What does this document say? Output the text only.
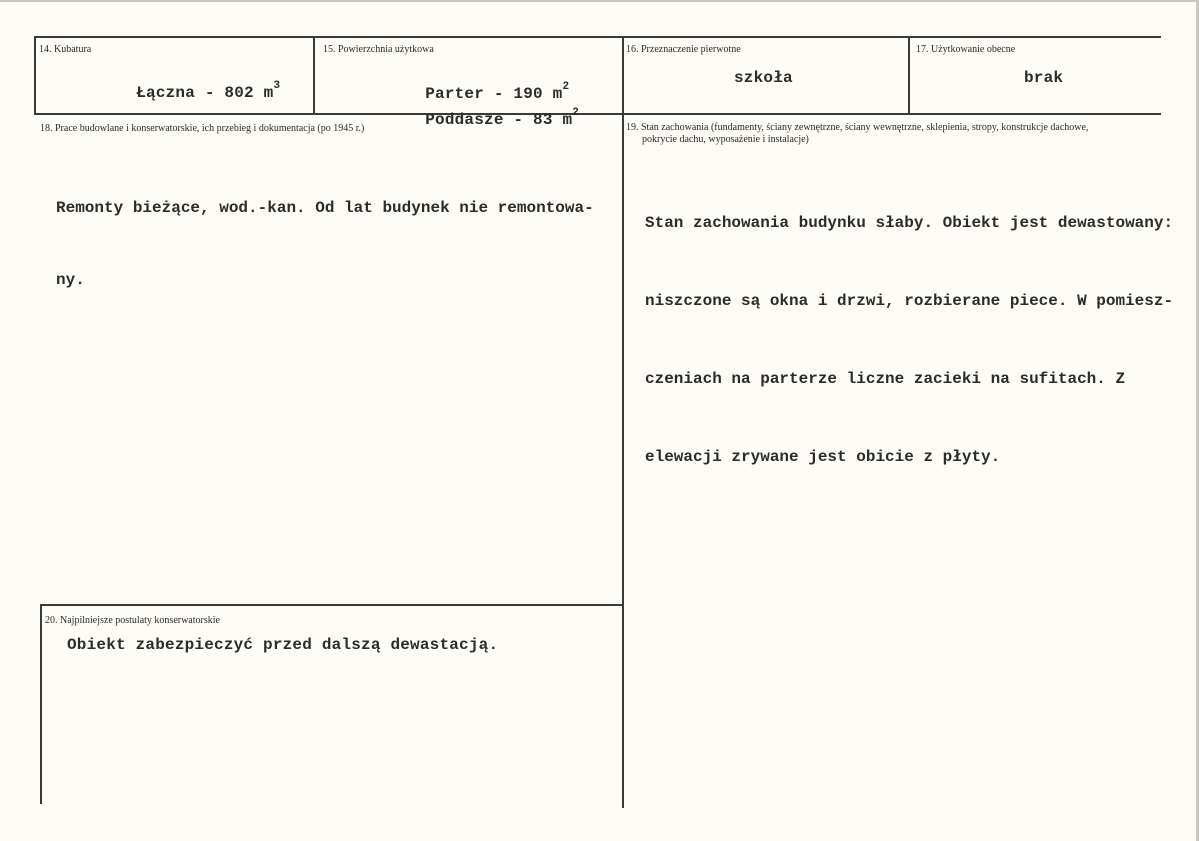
14. Kubatura

Łączna - 802 $m^3$

15. Powierzchnia użytkowa

Parter - 190 $m^2$

Poddasze - 83 $m^2$

16. Przeznaczenie pierwotne
szkoła
17. Użytkowanie obecne
brak
18. Prace budowlane i konserwatorskie, ich przebieg i dokumentacja (po 1945 r.)

Remonty bieżące, wod.-kan. Od lat budynek nie remontowa-

ny.

19. Stan zachowania (fundamenty, ściany zewnętrzne, ściany wewnętrzne, sklepienia, stropy, konstrukcje dachowe,
pokrycie dachu, wyposażenie i instalacje)

Stan zachowania budynku słaby. Obiekt jest dewastowany:

niszczone są okna i drzwi, rozbierane piece. W pomiesz-

czeniach na parterze liczne zacieki na sufitach. Z

elewacji zrywane jest obicie z płyty.

20. Najpilniejsze postulaty konserwatorskie
Obiekt zabezpieczyć przed dalszą dewastacją.
